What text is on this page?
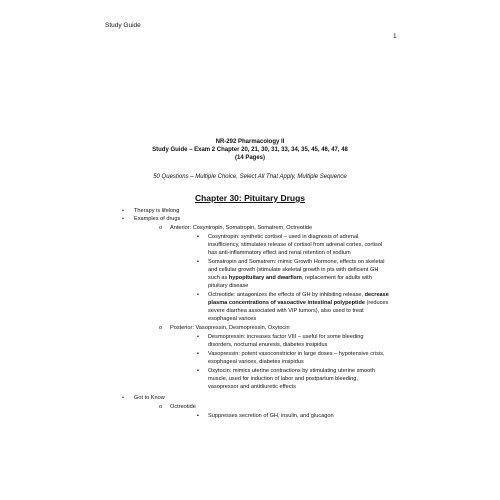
Study Guide
1
NR-292 Pharmacology II
Study Guide – Exam 2 Chapter 20, 21, 30, 31, 33, 34, 35, 45, 46, 47, 48
(14 Pages)
50 Questions – Multiple Choice, Select All That Apply, Multiple Sequence
Chapter 30: Pituitary Drugs
•	Therapy is lifelong
•	Examples of drugs
o	Anterior: Cosyntropin, Somatropin, Somatrem, Octreotide
▪	Cosyntropin: synthetic cortisol – used in diagnosis of adrenal
insufficiency, stimulates release of cortisol from adrenal cortex, cortisol
has anti-inflammatory effect and renal retention of sodium
▪	Somatropin and Somatrem: mimic Growth Hormone, effects on skeletal
and cellular growth (stimulate skeletal growth in pts with deficient GH
such as hypopituitary and dwarfism, replacement for adults with
pituitary disease
▪	Octreotide: antagonizes the effects of GH by inhibiting release, decrease
plasma concentrations of vasoactive intestinal polypeptide (reduces
severe diarrhea associated with VIP tumors), also used to treat
esophageal varices
o	Posterior: Vasopressin, Desmopressin, Oxytocin
▪	Desmopressin: increases factor VIII – useful for some bleeding
disorders, nocturnal enuresis, diabetes insipidus
▪	Vasopressin: potent vasoconstrictor in large doses – hypotensive crisis,
esophageal varices, diabetes insipidus
▪	Oxytocin: mimics uterine contractions by stimulating uterine smooth
muscle, used for induction of labor and postpartum bleeding,
vasopressor and antidiuretic effects
•	Got to Know
o	Octreotide
▪	Suppresses secretion of GH, insulin, and glucagon
